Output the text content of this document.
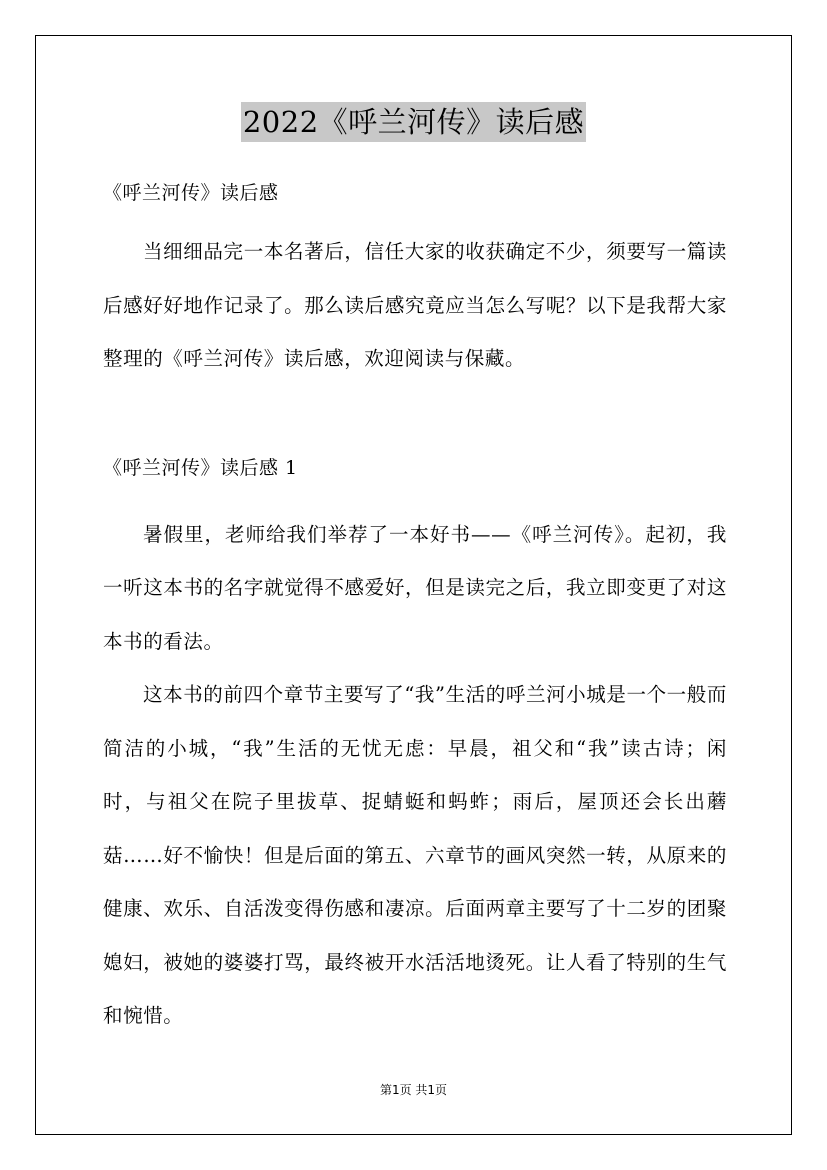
2022《呼兰河传》读后感

《呼兰河传》读后感

当细细品完一本名著后，信任大家的收获确定不少，须要写一篇读后感好好地作记录了。那么读后感究竟应当怎么写呢？以下是我帮大家整理的《呼兰河传》读后感，欢迎阅读与保藏。

《呼兰河传》读后感 1

暑假里，老师给我们举荐了一本好书——《呼兰河传》。起初，我一听这本书的名字就觉得不感爱好，但是读完之后，我立即变更了对这本书的看法。

这本书的前四个章节主要写了“我”生活的呼兰河小城是一个一般而简洁的小城，“我”生活的无忧无虑：早晨，祖父和“我”读古诗；闲时，与祖父在院子里拔草、捉蜻蜓和蚂蚱；雨后，屋顶还会长出蘑菇……好不愉快！但是后面的第五、六章节的画风突然一转，从原来的健康、欢乐、自活泼变得伤感和凄凉。后面两章主要写了十二岁的团聚媳妇，被她的婆婆打骂，最终被开水活活地烫死。让人看了特别的生气和惋惜。

第1页 共1页
